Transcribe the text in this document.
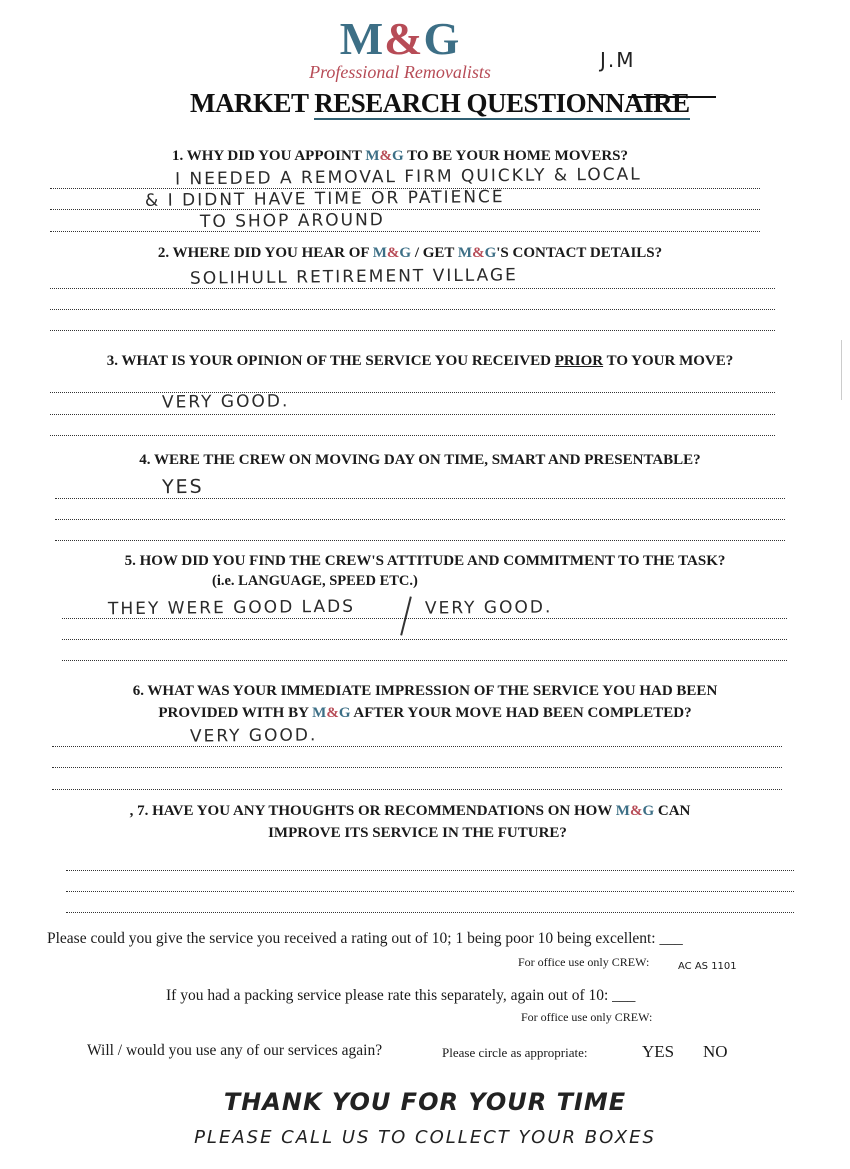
M&G
Professional Removalists	J.M
MARKET RESEARCH QUESTIONNAIRE
1. WHY DID YOU APPOINT M&G TO BE YOUR HOME MOVERS?
I NEEDED A REMOVAL FIRM QUICKLY & LOCAL
& I DIDNT HAVE TIME OR PATIENCE
TO SHOP AROUND
2. WHERE DID YOU HEAR OF M&G / GET M&G'S CONTACT DETAILS?
SOLIHULL RETIREMENT VILLAGE
3. WHAT IS YOUR OPINION OF THE SERVICE YOU RECEIVED PRIOR TO YOUR MOVE?
VERY GOOD.
4. WERE THE CREW ON MOVING DAY ON TIME, SMART AND PRESENTABLE?
YES
5. HOW DID YOU FIND THE CREW'S ATTITUDE AND COMMITMENT TO THE TASK?
(i.e. LANGUAGE, SPEED ETC.)
THEY WERE GOOD LADS	VERY GOOD.
6. WHAT WAS YOUR IMMEDIATE IMPRESSION OF THE SERVICE YOU HAD BEEN
PROVIDED WITH BY M&G AFTER YOUR MOVE HAD BEEN COMPLETED?
VERY GOOD.
, 7. HAVE YOU ANY THOUGHTS OR RECOMMENDATIONS ON HOW M&G CAN
IMPROVE ITS SERVICE IN THE FUTURE?
Please could you give the service you received a rating out of 10; 1 being poor 10 being excellent: ___
For office use only CREW:	AC AS 1101
If you had a packing service please rate this separately, again out of 10: ___
For office use only CREW:
Will / would you use any of our services again?	Please circle as appropriate:	YES NO
THANK YOU FOR YOUR TIME
PLEASE CALL US TO COLLECT YOUR BOXES
